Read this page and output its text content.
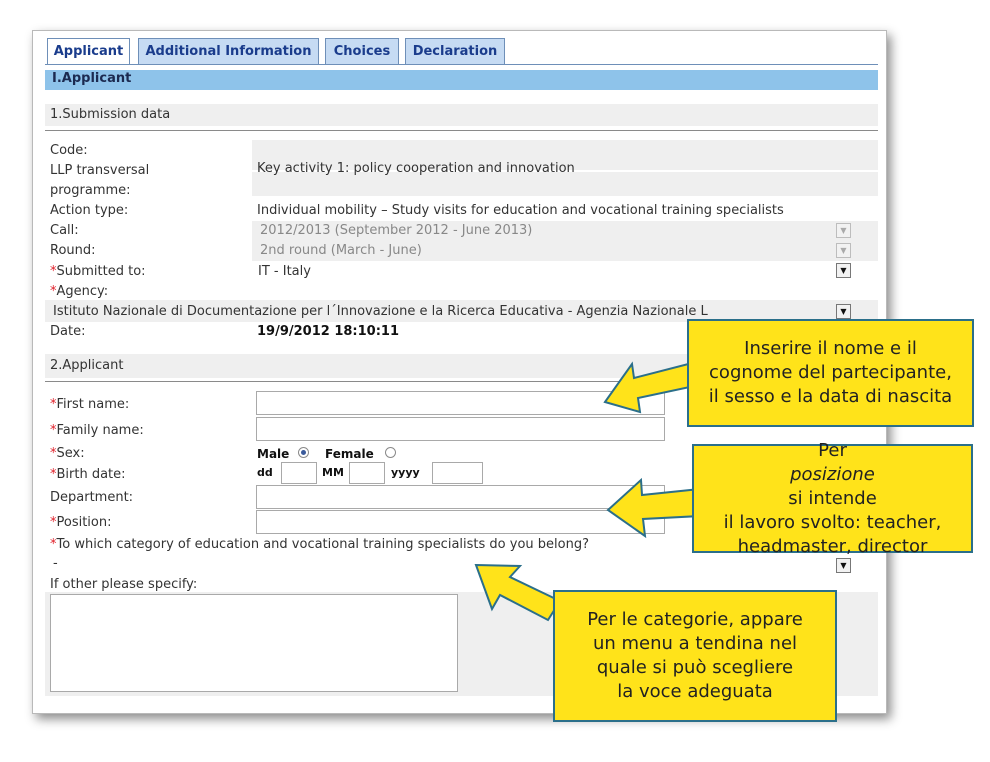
Applicant	Additional Information	Choices	Declaration
I.Applicant
1.Submission data
Code:
LLP transversal
programme:
Key activity 1: policy cooperation and innovation
Action type:	Individual mobility – Study visits for education and vocational training specialists
Call:	2012/2013 (September 2012 - June 2013)	▼
Round:	2nd round (March - June)	▼
*Submitted to:	IT - Italy	▼
*Agency:
Istituto Nazionale di Documentazione per l´Innovazione e la Ricerca Educativa - Agenzia Nazionale L	▼
Date:	19/9/2012 18:10:11
2.Applicant
*First name:
*Family name:
*Sex:	Male	Female
*Birth date:	dd	MM	yyyy
Department:
*Position:
*To which category of education and vocational training specialists do you belong?
-	▼
If other please specify:
Inserire il nome e il
cognome del partecipante,
il sesso e la data di nascita
Per
posizione
si intende
il lavoro svolto: teacher,
headmaster, director
Per le categorie, appare
un menu a tendina nel
quale si può scegliere
la voce adeguata
